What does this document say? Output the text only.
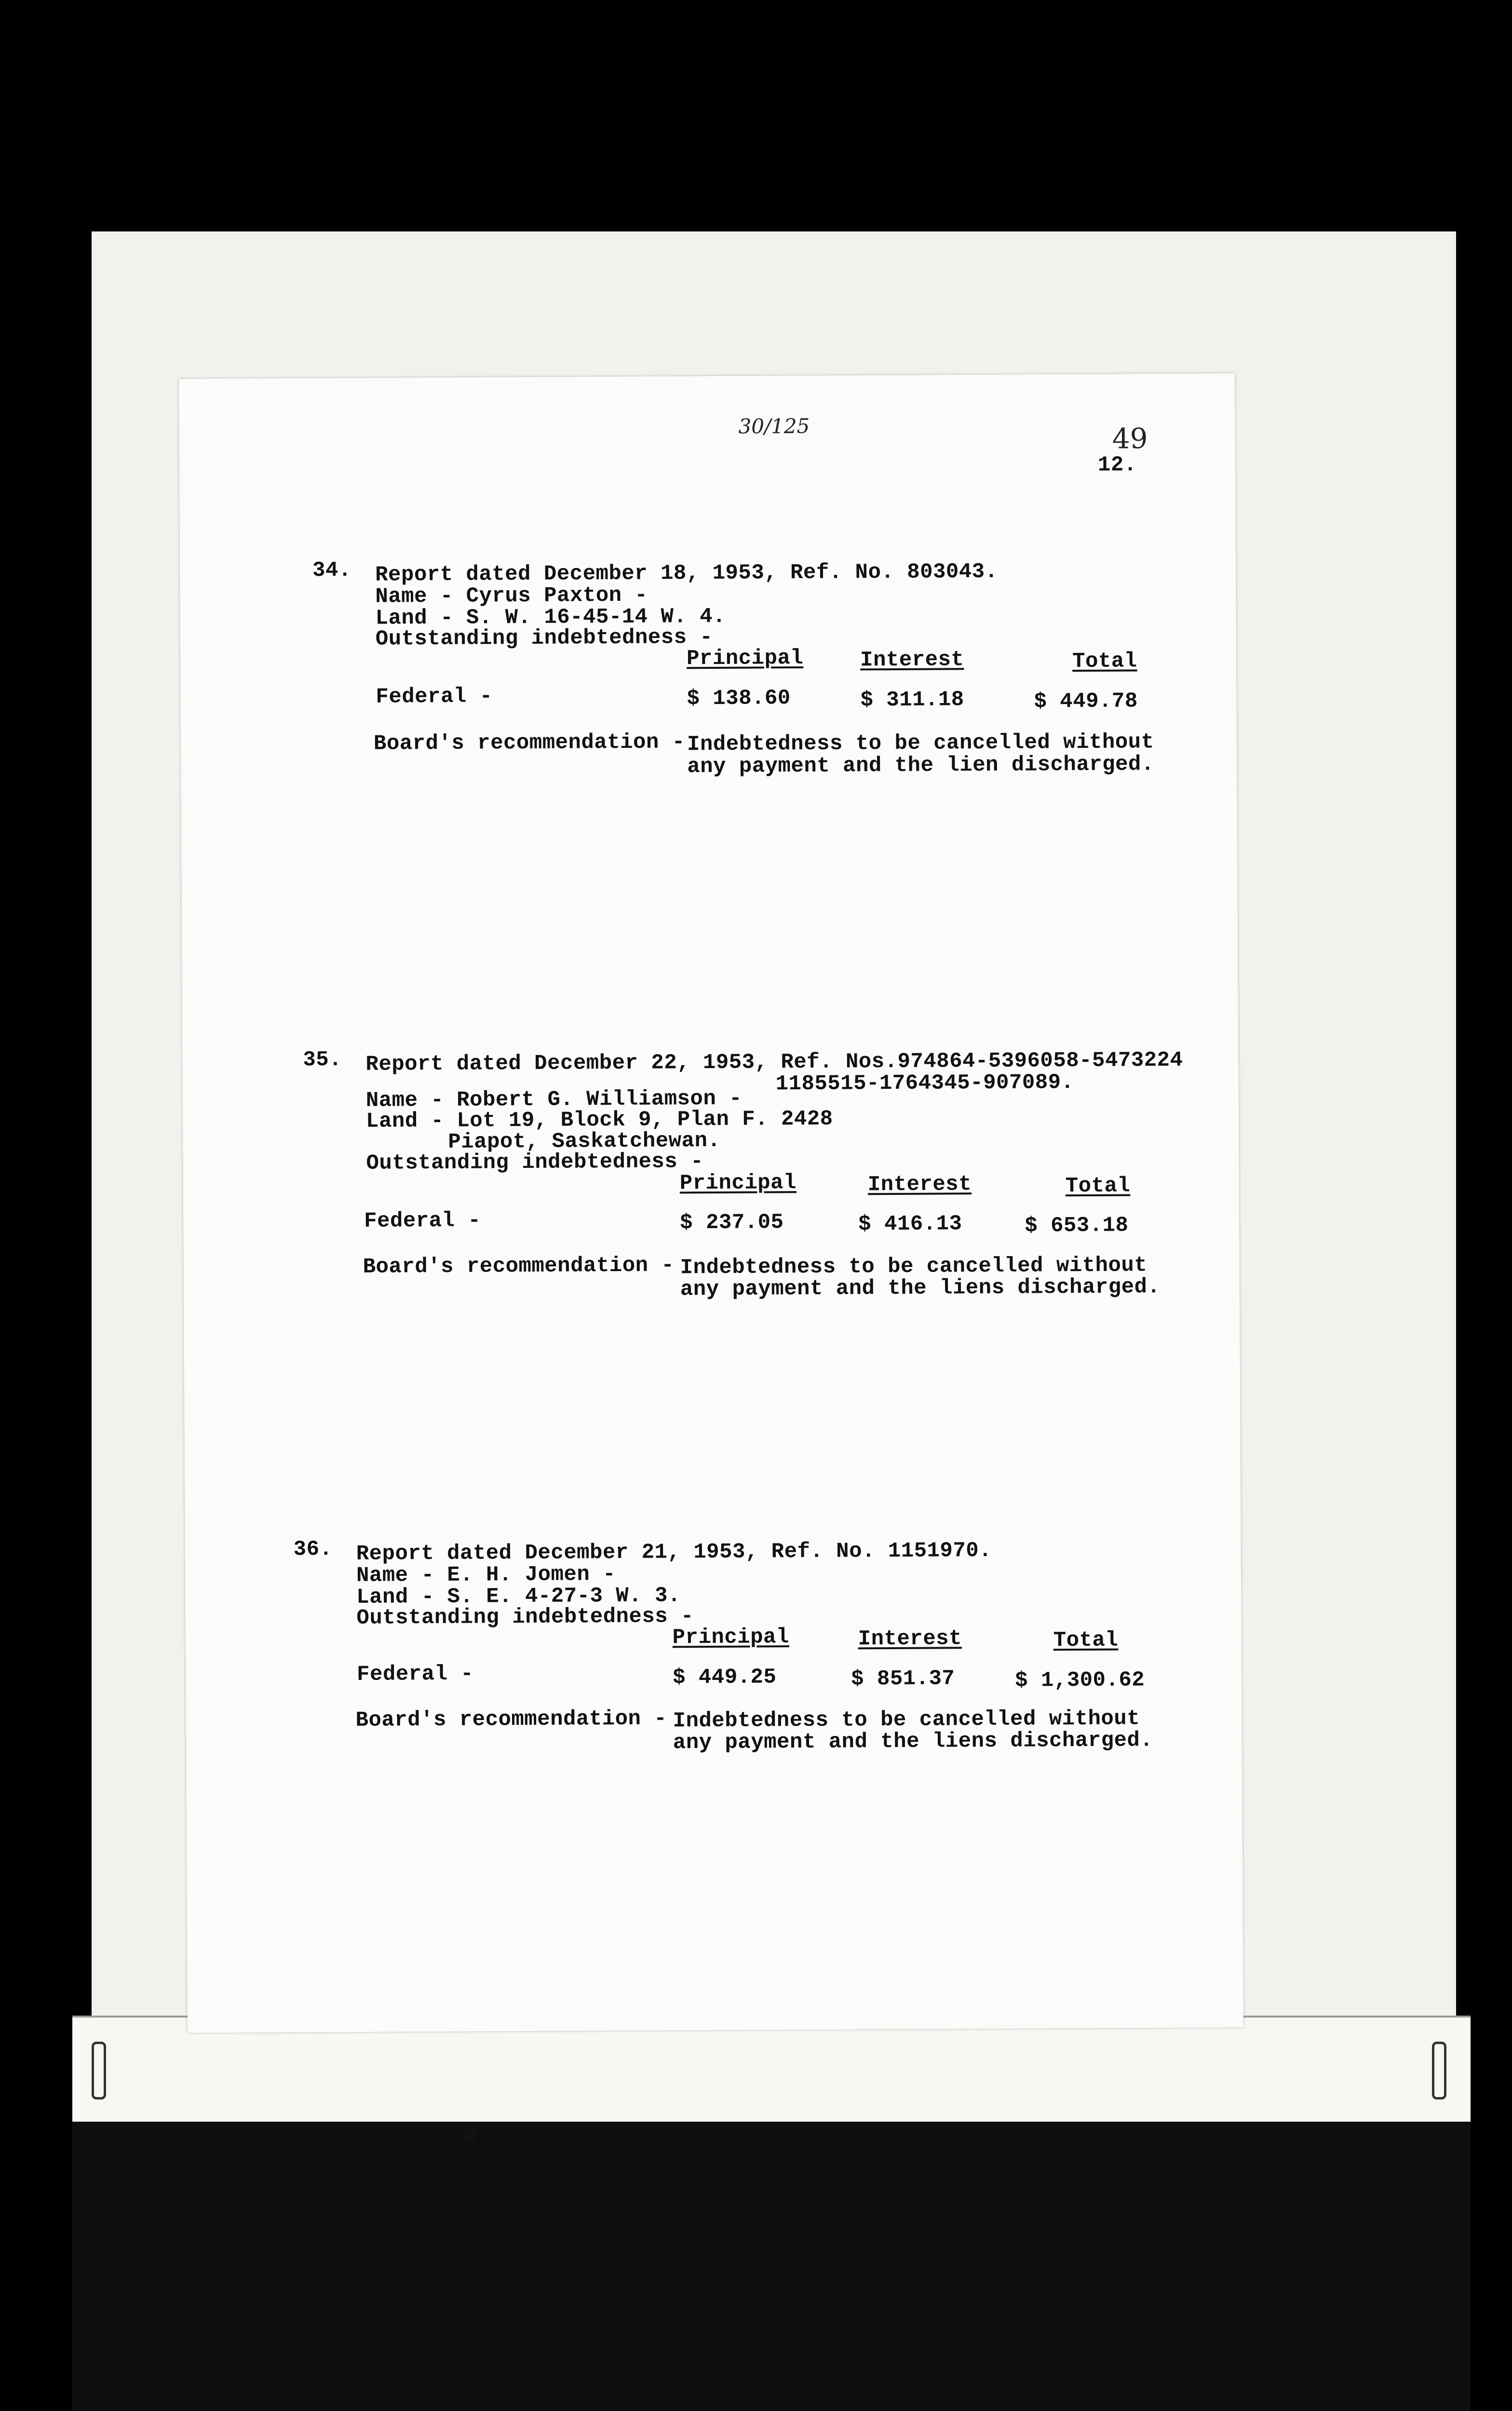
30/125	49
12.
34. Report dated December 18, 1953, Ref. No. 803043.
Name - Cyrus Paxton -
Land - S. W. 16-45-14 W. 4.
Outstanding indebtedness -
Principal	Interest	Total
Federal -	$ 138.60	$ 311.18	$ 449.78
Board's recommendation - Indebtedness to be cancelled without
any payment and the lien discharged.
35. Report dated December 22, 1953, Ref. Nos.974864-5396058-5473224
1185515-1764345-907089.
Name - Robert G. Williamson -
Land - Lot 19, Block 9, Plan F. 2428
Piapot, Saskatchewan.
Outstanding indebtedness -
Principal	Interest	Total
Federal -	$ 237.05	$ 416.13	$ 653.18
Board's recommendation - Indebtedness to be cancelled without
any payment and the liens discharged.
36. Report dated December 21, 1953, Ref. No. 1151970.
Name - E. H. Jomen -
Land - S. E. 4-27-3 W. 3.
Outstanding indebtedness -
Principal	Interest	Total
Federal -	$ 449.25	$ 851.37	$ 1,300.62
Board's recommendation - Indebtedness to be cancelled without
any payment and the liens discharged.
